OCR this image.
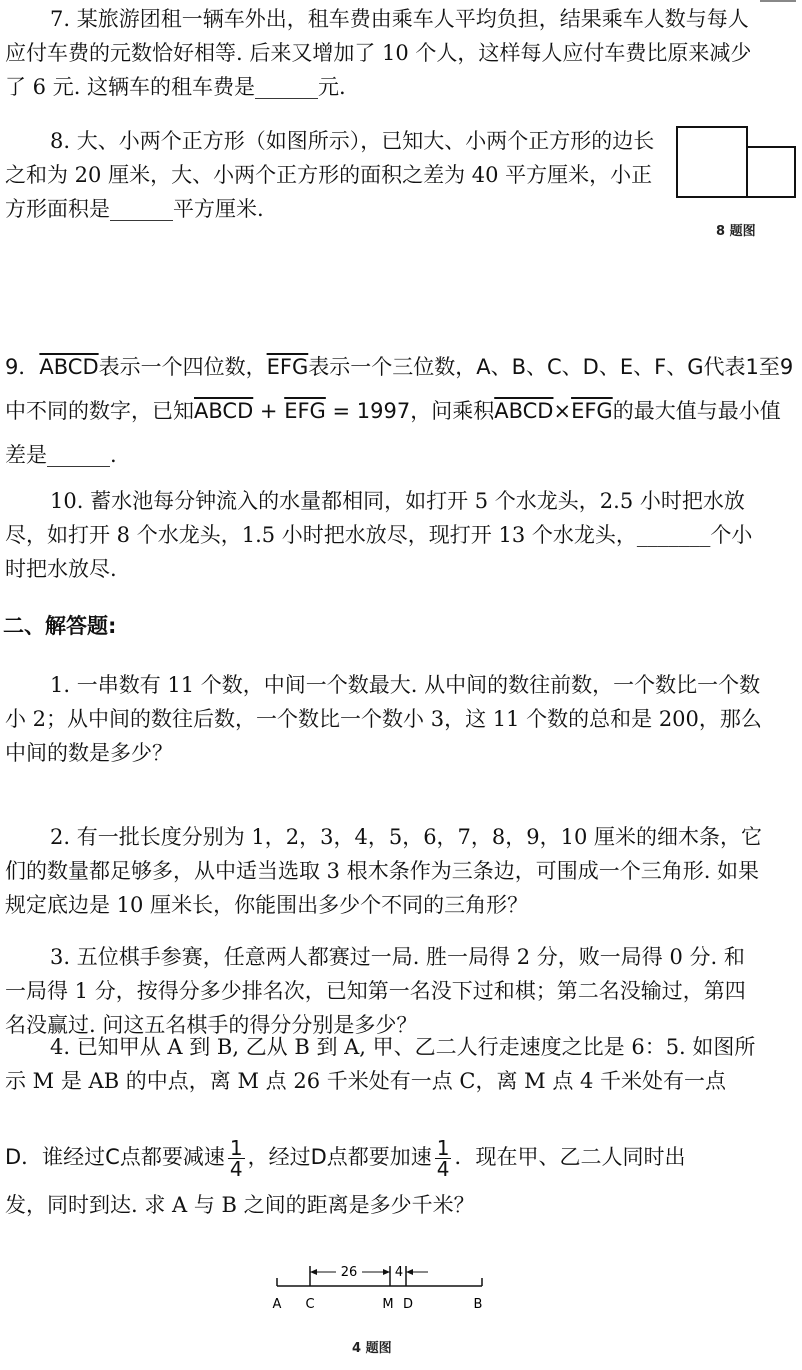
7. 某旅游团租一辆车外出，租车费由乘车人平均负担，结果乘车人数与每人应付车费的元数恰好相等. 后来又增加了 10 个人，这样每人应付车费比原来减少了 6 元. 这辆车的租车费是______元.

8. 大、小两个正方形（如图所示），已知大、小两个正方形的边长之和为 20 厘米，大、小两个正方形的面积之差为 40 平方厘米，小正方形面积是______平方厘米.

8 题图
9．ABCD表示一个四位数，$\overline{EFG}$表示一个三位数，A、B、C、D、E、F、G代表1至9中不同的数字，已知ABCD + $\overline{EFG} = 1997$，问乘积$ABCD\times\overline{EFG}$的最大值与最小值差是______.

10. 蓄水池每分钟流入的水量都相同，如打开 5 个水龙头，2.5 小时把水放尽，如打开 8 个水龙头，1.5 小时把水放尽，现打开 13 个水龙头，_______个小时把水放尽.

二、解答题:

1. 一串数有 11 个数，中间一个数最大. 从中间的数往前数，一个数比一个数小 2；从中间的数往后数，一个数比一个数小 3，这 11 个数的总和是 200，那么中间的数是多少？

2. 有一批长度分别为 1，2，3，4，5，6，7，8，9，10 厘米的细木条，它们的数量都足够多，从中适当选取 3 根木条作为三条边，可围成一个三角形. 如果规定底边是 10 厘米长，你能围出多少个不同的三角形？

3. 五位棋手参赛，任意两人都赛过一局. 胜一局得 2 分，败一局得 0 分. 和一局得 1 分，按得分多少排名次，已知第一名没下过和棋；第二名没输过，第四名没赢过. 问这五名棋手的得分分别是多少？

4. 已知甲从 A 到 B, 乙从 B 到 A, 甲、乙二人行走速度之比是 6：5. 如图所示 M 是 AB 的中点，离 M 点 26 千米处有一点 C，离 M 点 4 千米处有一点

D．谁经过C点都要减速 $\frac{1}{4}$ ，经过D点都要加速 $\frac{1}{4}$ ．现在甲、乙二人同时出

发，同时到达. 求 A 与 B 之间的距离是多少千米？

26	4
A C	M D	B
4 题图
